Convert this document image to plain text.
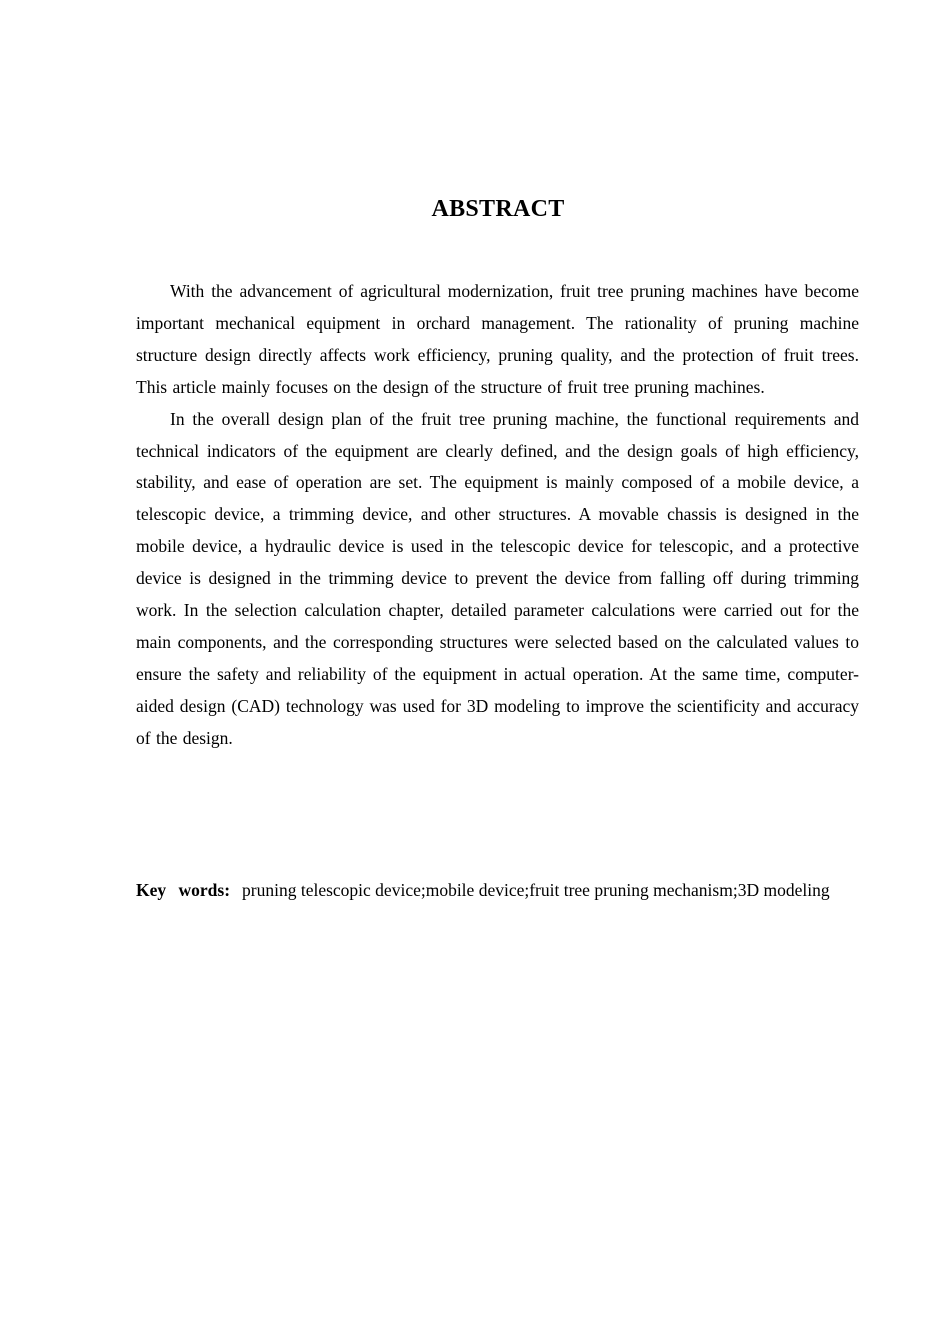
ABSTRACT

With the advancement of agricultural modernization, fruit tree pruning machines have become important mechanical equipment in orchard management. The rationality of pruning machine structure design directly affects work efficiency, pruning quality, and the protection of fruit trees. This article mainly focuses on the design of the structure of fruit tree pruning machines.

In the overall design plan of the fruit tree pruning machine, the functional requirements and technical indicators of the equipment are clearly defined, and the design goals of high efficiency, stability, and ease of operation are set. The equipment is mainly composed of a mobile device, a telescopic device, a trimming device, and other structures. A movable chassis is designed in the mobile device, a hydraulic device is used in the telescopic device for telescopic, and a protective device is designed in the trimming device to prevent the device from falling off during trimming work. In the selection calculation chapter, detailed parameter calculations were carried out for the main components, and the corresponding structures were selected based on the calculated values to ensure the safety and reliability of the equipment in actual operation. At the same time, computer-aided design (CAD) technology was used for 3D modeling to improve the scientificity and accuracy of the design.

Key words: pruning telescopic device;mobile device;fruit tree pruning mechanism;3D modeling
